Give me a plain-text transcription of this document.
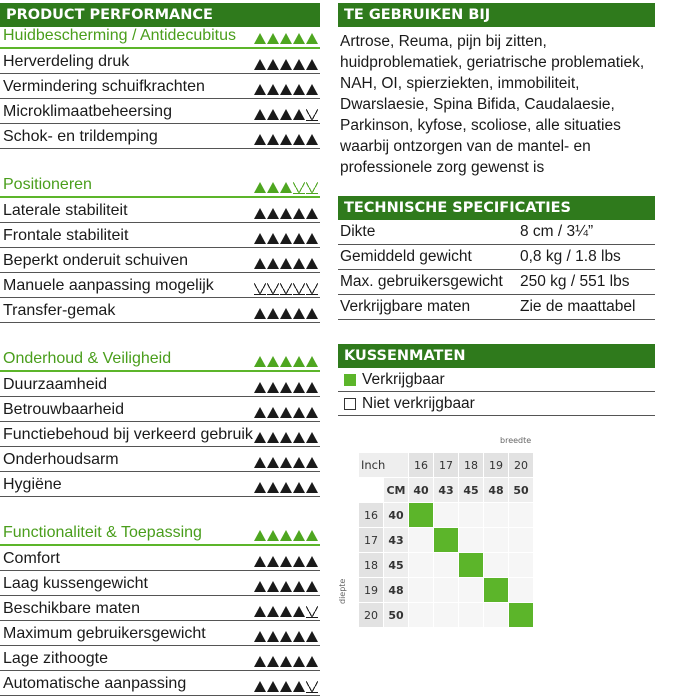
PRODUCT PERFORMANCE
Huidbescherming / Antidecubitus
Herverdeling druk
Vermindering schuifkrachten
Microklimaatbeheersing
Schok- en trildemping
Positioneren
Laterale stabiliteit
Frontale stabiliteit
Beperkt onderuit schuiven
Manuele aanpassing mogelijk
Transfer-gemak
Onderhoud & Veiligheid
Duurzaamheid
Betrouwbaarheid
Functiebehoud bij verkeerd gebruik
Onderhoudsarm
Hygiëne
Functionaliteit & Toepassing
Comfort
Laag kussengewicht
Beschikbare maten
Maximum gebruikersgewicht
Lage zithoogte
Automatische aanpassing
TE GEBRUIKEN BIJ
Artrose, Reuma, pijn bij zitten, huidproblematiek, geriatrische problematiek, NAH, OI, spierziekten, immobiliteit, Dwarslaesie, Spina Bifida, Caudalaesie, Parkinson, kyfose, scoliose, alle situaties waarbij ontzorgen van de mantel- en professionele zorg gewenst is
TECHNISCHE SPECIFICATIES
Dikte	8 cm / 3¼”
Gemiddeld gewicht	0,8 kg / 1.8 lbs
Max. gebruikersgewicht	250 kg / 551 lbs
Verkrijgbare maten	Zie de maattabel
KUSSENMATEN
Verkrijgbaar
Niet verkrijgbaar
breedte
diepte
Inch		16	17	18	19	20
	CM	40	43	45	48	50
16	40					
17	43					
18	45					
19	48					
20	50					
